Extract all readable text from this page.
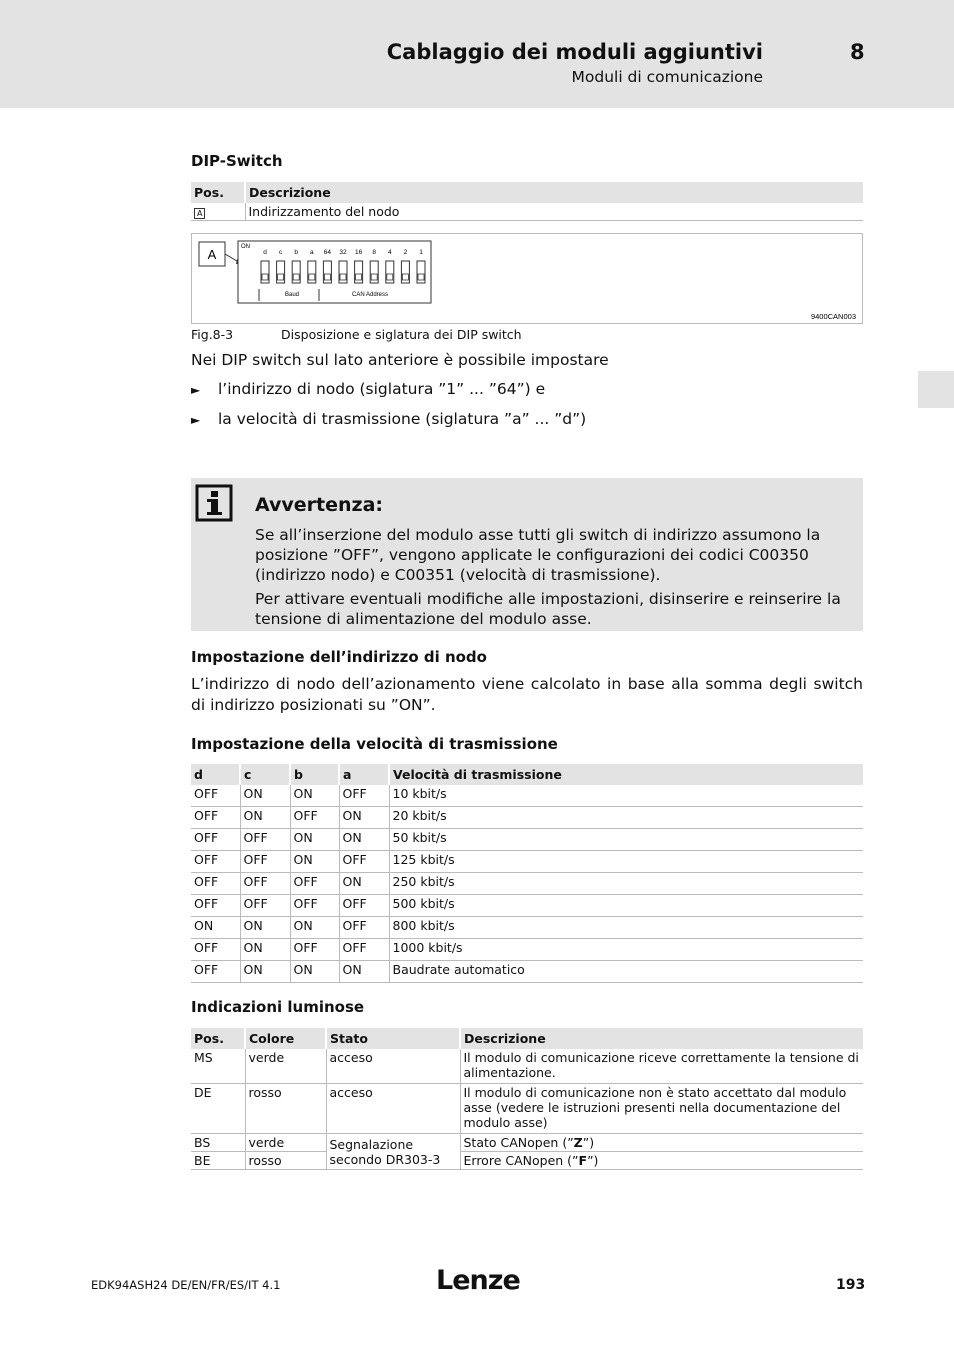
Cablaggio dei moduli aggiuntivi
Moduli di comunicazione
8
DIP-Switch
Pos.	Descrizione
A	Indirizzamento del nodo
A	ON
d c b a 64 32 16 8 4 2 1
Baud	CAN Address
9400CAN003
Fig.8-3	Disposizione e siglatura dei DIP switch
Nei DIP switch sul lato anteriore è possibile impostare
► l’indirizzo di nodo (siglatura ”1” ... ”64”) e
► la velocità di trasmissione (siglatura ”a” ... ”d”)
Avvertenza:
Se all’inserzione del modulo asse tutti gli switch di indirizzo assumono la posizione ”OFF”, vengono applicate le configurazioni dei codici C00350 (indirizzo nodo) e C00351 (velocità di trasmissione).
Per attivare eventuali modifiche alle impostazioni, disinserire e reinserire la tensione di alimentazione del modulo asse.
Impostazione dell’indirizzo di nodo
L’indirizzo di nodo dell’azionamento viene calcolato in base alla somma degli switch di indirizzo posizionati su ”ON”.
Impostazione della velocità di trasmissione
d	c	b	a	Velocità di trasmissione
OFF	ON	ON	OFF	10 kbit/s
OFF	ON	OFF	ON	20 kbit/s
OFF	OFF	ON	ON	50 kbit/s
OFF	OFF	ON	OFF	125 kbit/s
OFF	OFF	OFF	ON	250 kbit/s
OFF	OFF	OFF	OFF	500 kbit/s
ON	ON	ON	OFF	800 kbit/s
OFF	ON	OFF	OFF	1000 kbit/s
OFF	ON	ON	ON	Baudrate automatico
Indicazioni luminose
Pos.	Colore	Stato	Descrizione
MS	verde	acceso	Il modulo di comunicazione riceve correttamente la tensione di alimentazione.
DE	rosso	acceso	Il modulo di comunicazione non è stato accettato dal modulo asse (vedere le istruzioni presenti nella documentazione del modulo asse)
BS	verde	Segnalazione secondo DR303-3	Stato CANopen (”Z”)
BE	rosso		Errore CANopen (”F”)
EDK94ASH24 DE/EN/FR/ES/IT 4.1	Lenze	193
